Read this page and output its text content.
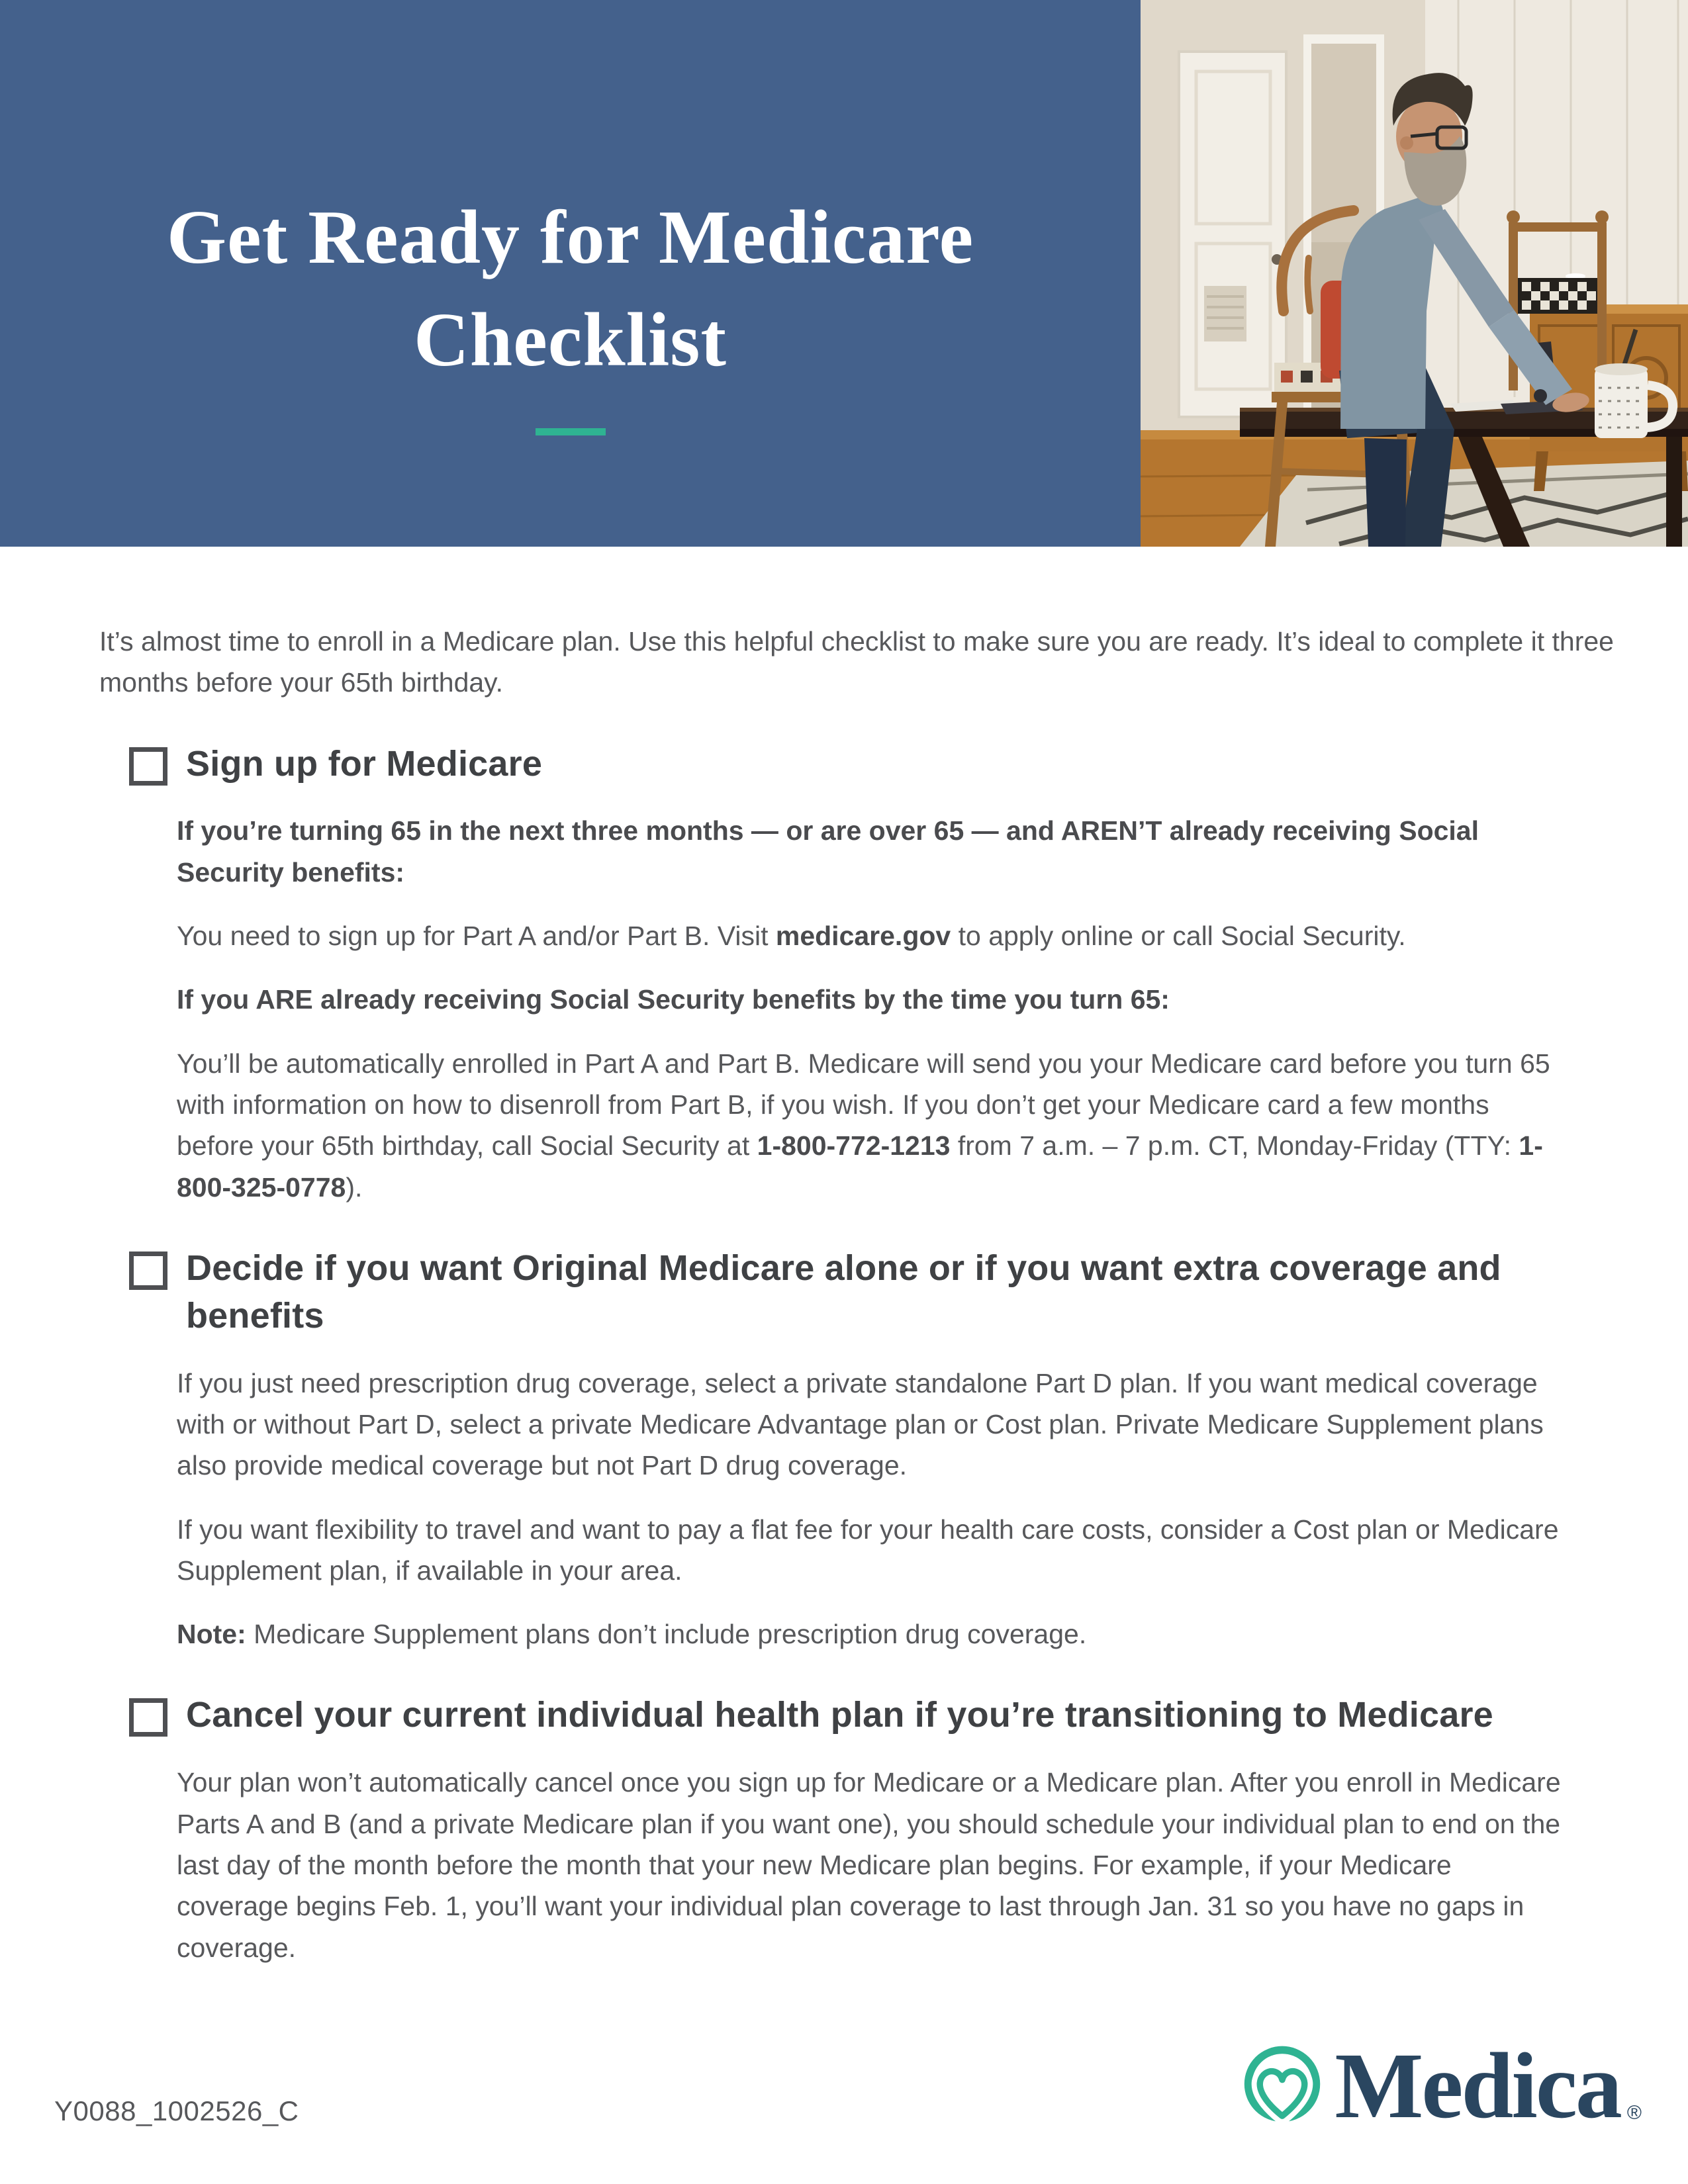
Get Ready for Medicare
Checklist

It’s almost time to enroll in a Medicare plan. Use this helpful checklist to make sure you are ready. It’s ideal to complete it three months before your 65th birthday.

Sign up for Medicare

If you’re turning 65 in the next three months — or are over 65 — and AREN’T already receiving Social Security benefits:

You need to sign up for Part A and/or Part B. Visit medicare.gov to apply online or call Social Security.

If you ARE already receiving Social Security benefits by the time you turn 65:

You’ll be automatically enrolled in Part A and Part B. Medicare will send you your Medicare card before you turn 65 with information on how to disenroll from Part B, if you wish. If you don’t get your Medicare card a few months before your 65th birthday, call Social Security at 1-800-772-1213 from 7 a.m. – 7 p.m. CT, Monday-Friday (TTY: 1-800-325-0778).

Decide if you want Original Medicare alone or if you want extra coverage and benefits

If you just need prescription drug coverage, select a private standalone Part D plan. If you want medical coverage with or without Part D, select a private Medicare Advantage plan or Cost plan. Private Medicare Supplement plans also provide medical coverage but not Part D drug coverage.

If you want flexibility to travel and want to pay a flat fee for your health care costs, consider a Cost plan or Medicare Supplement plan, if available in your area.

Note: Medicare Supplement plans don’t include prescription drug coverage.

Cancel your current individual health plan if you’re transitioning to Medicare

Your plan won’t automatically cancel once you sign up for Medicare or a Medicare plan. After you enroll in Medicare Parts A and B (and a private Medicare plan if you want one), you should schedule your individual plan to end on the last day of the month before the month that your new Medicare plan begins. For example, if your Medicare coverage begins Feb. 1, you’ll want your individual plan coverage to last through Jan. 31 so you have no gaps in coverage.

Y0088_1002526_C	Medica ®
